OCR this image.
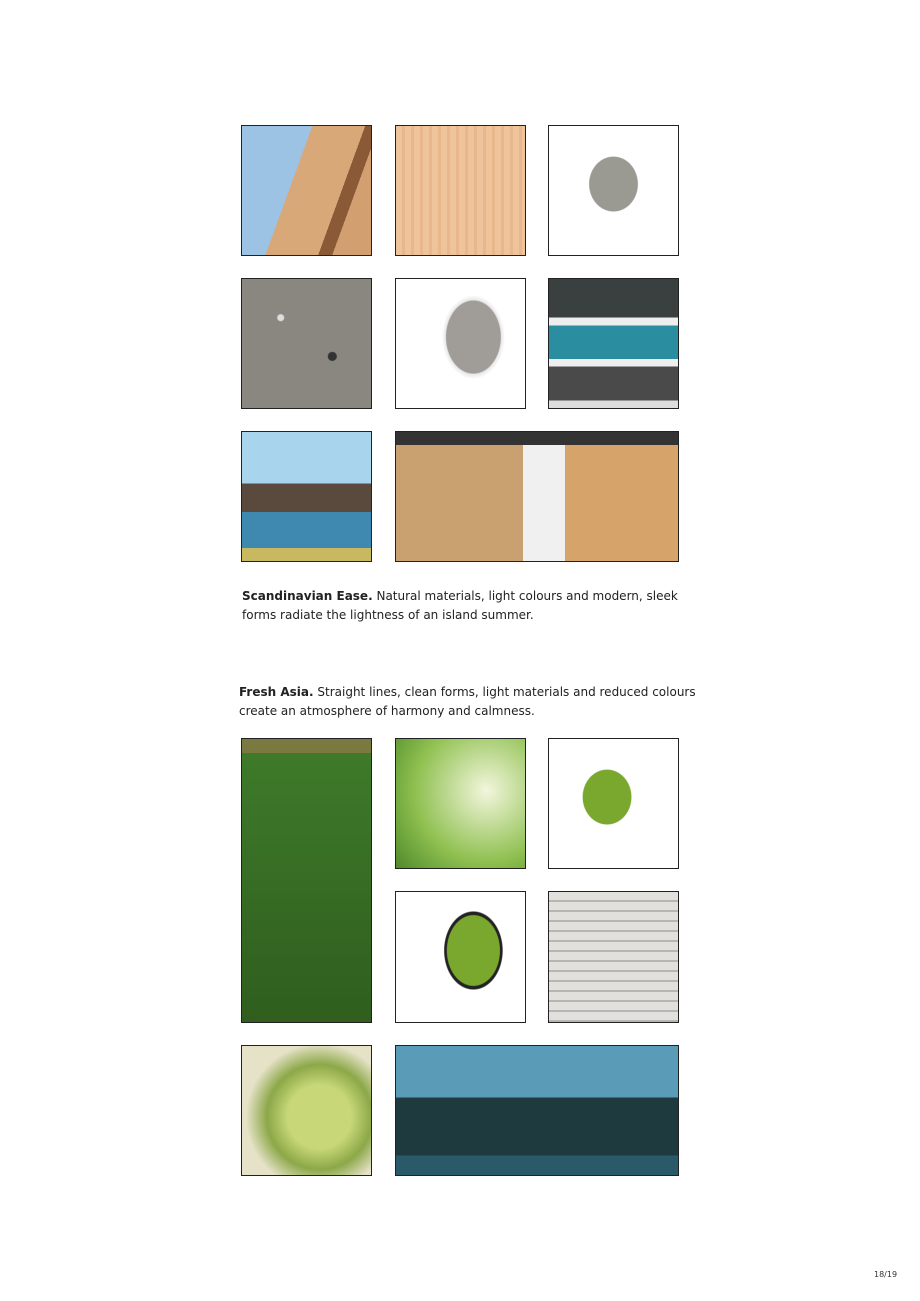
Scandinavian Ease. Natural materials, light colours and modern, sleek forms radiate the lightness of an island summer.
Fresh Asia. Straight lines, clean forms, light materials and reduced colours create an atmosphere of harmony and calmness.
18/19
